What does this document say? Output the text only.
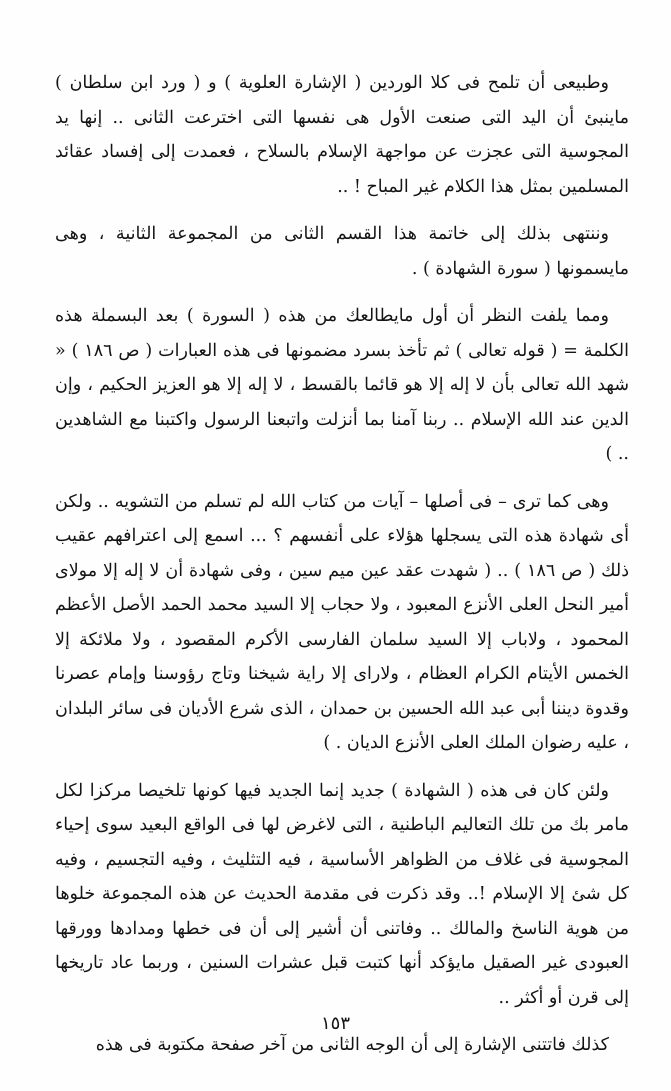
وطبيعى أن تلمح فى كلا الوردين ( الإشارة العلوية ) و ( ورد ابن سلطان ) ماينبئ أن اليد التى صنعت الأول هى نفسها التى اخترعت الثانى .. إنها يد المجوسية التى عجزت عن مواجهة الإسلام بالسلاح ، فعمدت إلى إفساد عقائد المسلمين بمثل هذا الكلام غير المباح ! ..

وننتهى بذلك إلى خاتمة هذا القسم الثانى من المجموعة الثانية ، وهى مايسمونها ( سورة الشهادة ) .

ومما يلفت النظر أن أول مايطالعك من هذه ( السورة ) بعد البسملة هذه الكلمة = ( قوله تعالى ) ثم تأخذ بسرد مضمونها فى هذه العبارات ( ص ١٨٦ ) « شهد الله تعالى بأن لا إله إلا هو قائما بالقسط ، لا إله إلا هو العزيز الحكيم ، وإن الدين عند الله الإسلام .. ربنا آمنا بما أنزلت واتبعنا الرسول واكتبنا مع الشاهدين .. )

وهى كما ترى – فى أصلها – آيات من كتاب الله لم تسلم من التشويه .. ولكن أى شهادة هذه التى يسجلها هؤلاء على أنفسهم ؟ ... اسمع إلى اعترافهم عقيب ذلك ( ص ١٨٦ ) .. ( شهدت عقد عين ميم سين ، وفى شهادة أن لا إله إلا مولاى أمير النحل العلى الأنزع المعبود ، ولا حجاب إلا السيد محمد الحمد الأصل الأعظم المحمود ، ولاباب إلا السيد سلمان الفارسى الأكرم المقصود ، ولا ملائكة إلا الخمس الأيتام الكرام العظام ، ولاراى إلا راية شيخنا وتاج رؤوسنا وإمام عصرنا وقدوة ديننا أبى عبد الله الحسين بن حمدان ، الذى شرع الأديان فى سائر البلدان ، عليه رضوان الملك العلى الأنزع الديان . )

ولئن كان فى هذه ( الشهادة ) جديد إنما الجديد فيها كونها تلخيصا مركزا لكل مامر بك من تلك التعاليم الباطنية ، التى لاغرض لها فى الواقع البعيد سوى إحياء المجوسية فى غلاف من الظواهر الأساسية ، فيه التثليث ، وفيه التجسيم ، وفيه كل شئ إلا الإسلام !.. وقد ذكرت فى مقدمة الحديث عن هذه المجموعة خلوها من هوية الناسخ والمالك .. وفاتنى أن أشير إلى أن فى خطها ومدادها وورقها العبودى غير الصقيل مايؤكد أنها كتبت قبل عشرات السنين ، وربما عاد تاريخها إلى قرن أو أكثر ..

كذلك فاتتنى الإشارة إلى أن الوجه الثانى من آخر صفحة مكتوبة فى هذه

١٥٣
